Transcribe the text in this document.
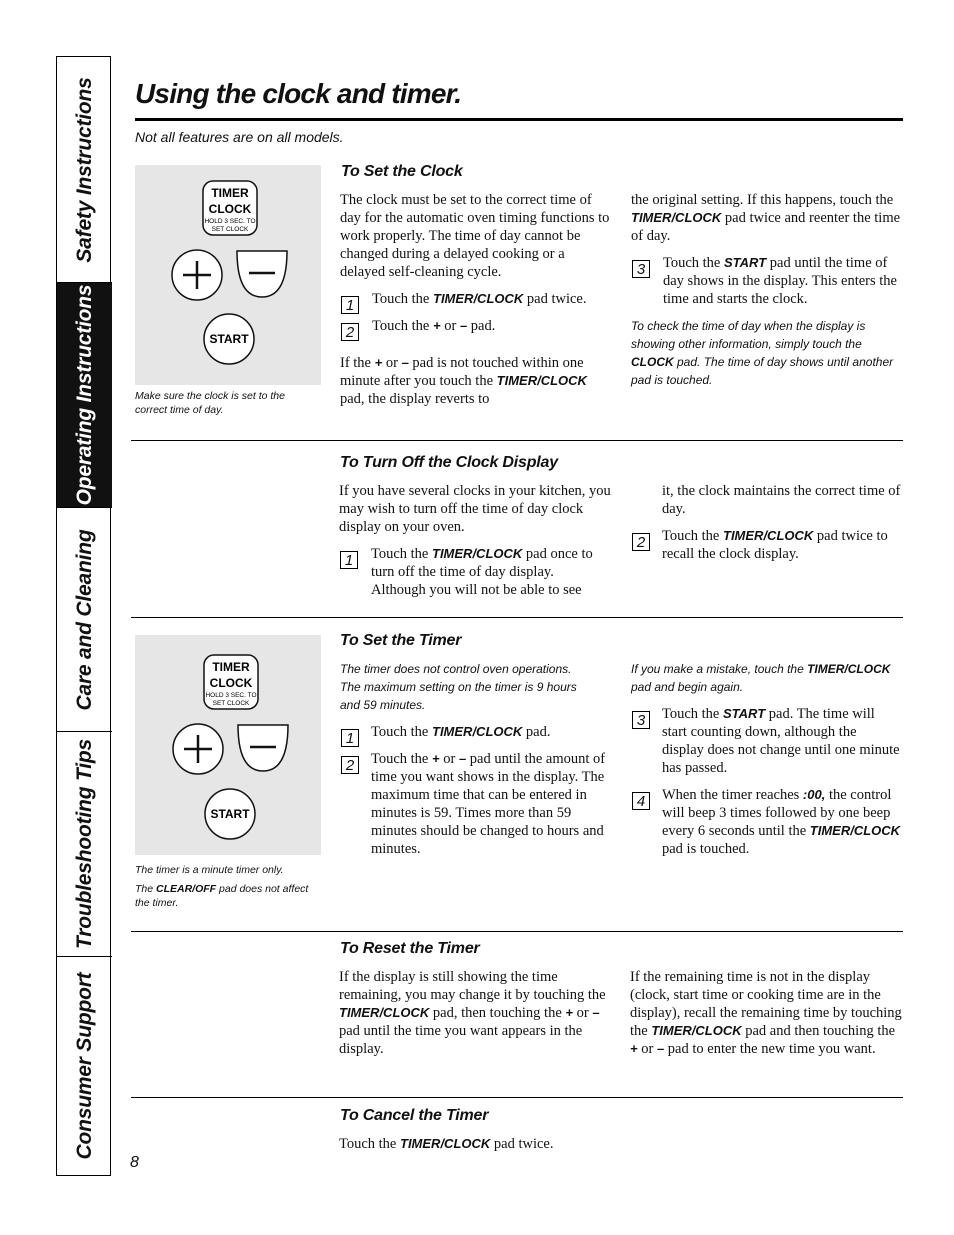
Safety Instructions
Operating Instructions
Care and Cleaning
Troubleshooting Tips
Consumer Support
Using the clock and timer.
Not all features are on all models.
TIMER
CLOCK
HOLD 3 SEC. TO
SET CLOCK
START
Make sure the clock is set to the correct time of day.
To Set the Clock
The clock must be set to the correct time of day for the automatic oven timing functions to work properly. The time of day cannot be changed during a delayed cooking or a delayed self-cleaning cycle.
1	Touch the TIMER/CLOCK pad twice.
2	Touch the + or – pad.
If the + or – pad is not touched within one minute after you touch the TIMER/CLOCK pad, the display reverts to
the original setting. If this happens, touch the TIMER/CLOCK pad twice and reenter the time of day.
3	Touch the START pad until the time of day shows in the display. This enters the time and starts the clock.
To check the time of day when the display is showing other information, simply touch the CLOCK pad. The time of day shows until another pad is touched.
To Turn Off the Clock Display
If you have several clocks in your kitchen, you may wish to turn off the time of day clock display on your oven.
1	Touch the TIMER/CLOCK pad once to turn off the time of day display. Although you will not be able to see
it, the clock maintains the correct time of day.
2	Touch the TIMER/CLOCK pad twice to recall the clock display.
TIMER
CLOCK
HOLD 3 SEC. TO
SET CLOCK
START
The timer is a minute timer only.
The CLEAR/OFF pad does not affect the timer.
To Set the Timer
The timer does not control oven operations. The maximum setting on the timer is 9 hours and 59 minutes.
1	Touch the TIMER/CLOCK pad.
2	Touch the + or – pad until the amount of time you want shows in the display. The maximum time that can be entered in minutes is 59. Times more than 59 minutes should be changed to hours and minutes.
If you make a mistake, touch the TIMER/CLOCK pad and begin again.
3	Touch the START pad. The time will start counting down, although the display does not change until one minute has passed.
4	When the timer reaches :00, the control will beep 3 times followed by one beep every 6 seconds until the TIMER/CLOCK pad is touched.
To Reset the Timer
If the display is still showing the time remaining, you may change it by touching the TIMER/CLOCK pad, then touching the + or – pad until the time you want appears in the display.
If the remaining time is not in the display (clock, start time or cooking time are in the display), recall the remaining time by touching the TIMER/CLOCK pad and then touching the + or – pad to enter the new time you want.
To Cancel the Timer
Touch the TIMER/CLOCK pad twice.
8
